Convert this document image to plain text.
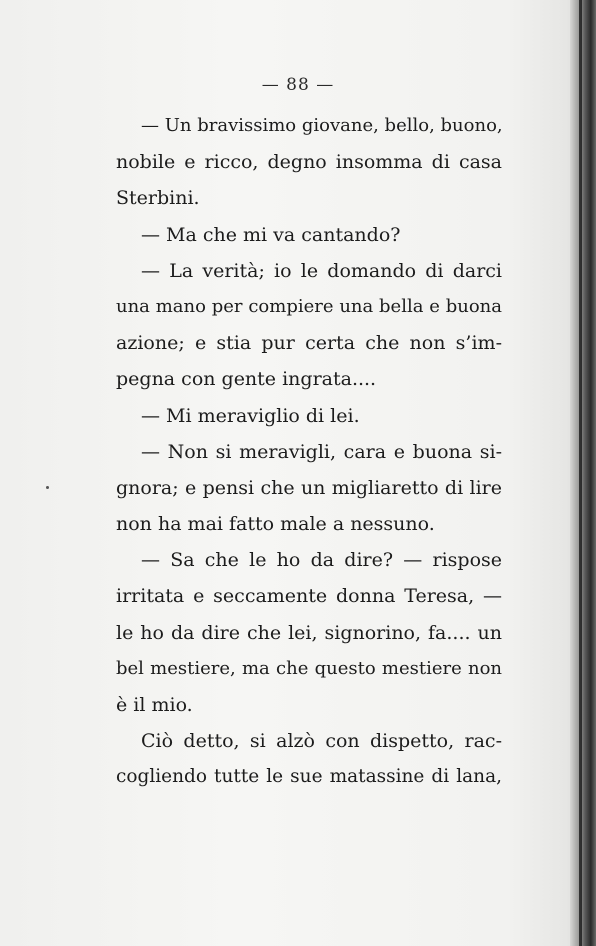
— 88 —
— Un bravissimo giovane, bello, buono,
nobile e ricco, degno insomma di casa
Sterbini.
— Ma che mi va cantando?
— La verità; io le domando di darci
una mano per compiere una bella e buona
azione; e stia pur certa che non s’im-
pegna con gente ingrata....
— Mi meraviglio di lei.
— Non si meravigli, cara e buona si-
gnora; e pensi che un migliaretto di lire
non ha mai fatto male a nessuno.
— Sa che le ho da dire? — rispose
irritata e seccamente donna Teresa, —
le ho da dire che lei, signorino, fa.... un
bel mestiere, ma che questo mestiere non
è il mio.
Ciò detto, si alzò con dispetto, rac-
cogliendo tutte le sue matassine di lana,
